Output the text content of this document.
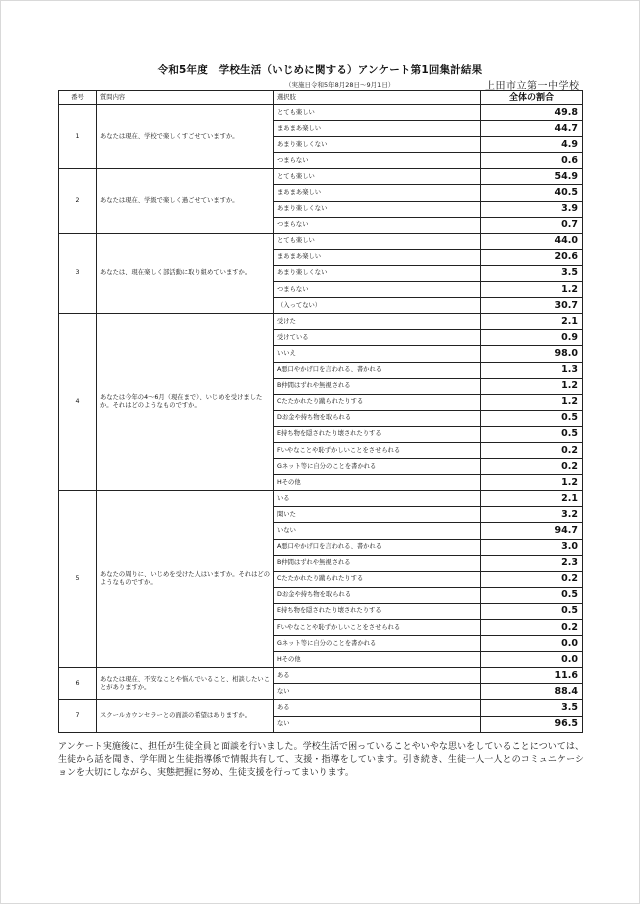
令和5年度　学校生活（いじめに関する）アンケート第1回集計結果
（実施日令和5年8月28日～9月1日）	上田市立第一中学校
番号	質問内容	選択肢	全体の割合
1	あなたは現在、学校で楽しくすごせていますか。	とても楽しい	49.8
		まあまあ楽しい	44.7
		あまり楽しくない	4.9
		つまらない	0.6
2	あなたは現在、学級で楽しく過ごせていますか。	とても楽しい	54.9
		まあまあ楽しい	40.5
		あまり楽しくない	3.9
		つまらない	0.7
3	あなたは、現在楽しく部活動に取り組めていますか。	とても楽しい	44.0
		まあまあ楽しい	20.6
		あまり楽しくない	3.5
		つまらない	1.2
		（入ってない）	30.7
4	あなたは今年の4～6月（現在まで）、いじめを受けましたか。それはどのようなものですか。	受けた	2.1
		受けている	0.9
		いいえ	98.0
		A悪口やかげ口を言われる、書かれる	1.3
		B仲間はずれや無視される	1.2
		Cたたかれたり蹴られたりする	1.2
		Dお金や持ち物を取られる	0.5
		E持ち物を隠されたり壊されたりする	0.5
		Fいやなことや恥ずかしいことをさせられる	0.2
		Gネット等に自分のことを書かれる	0.2
		Hその他	1.2
5	あなたの周りに、いじめを受けた人はいますか。それはどのようなものですか。	いる	2.1
		聞いた	3.2
		いない	94.7
		A悪口やかげ口を言われる、書かれる	3.0
		B仲間はずれや無視される	2.3
		Cたたかれたり蹴られたりする	0.2
		Dお金や持ち物を取られる	0.5
		E持ち物を隠されたり壊されたりする	0.5
		Fいやなことや恥ずかしいことをさせられる	0.2
		Gネット等に自分のことを書かれる	0.0
		Hその他	0.0
6	あなたは現在、不安なことや悩んでいること、相談したいことがありますか。	ある	11.6
		ない	88.4
7	スクールカウンセラーとの面談の希望はありますか。	ある	3.5
		ない	96.5
アンケート実施後に、担任が生徒全員と面談を行いました。学校生活で困っていることやいやな思いをしていることについては、生徒から話を聞き、学年間と生徒指導係で情報共有して、支援・指導をしています。引き続き、生徒一人一人とのコミュニケーションを大切にしながら、実態把握に努め、生徒支援を行ってまいります。
